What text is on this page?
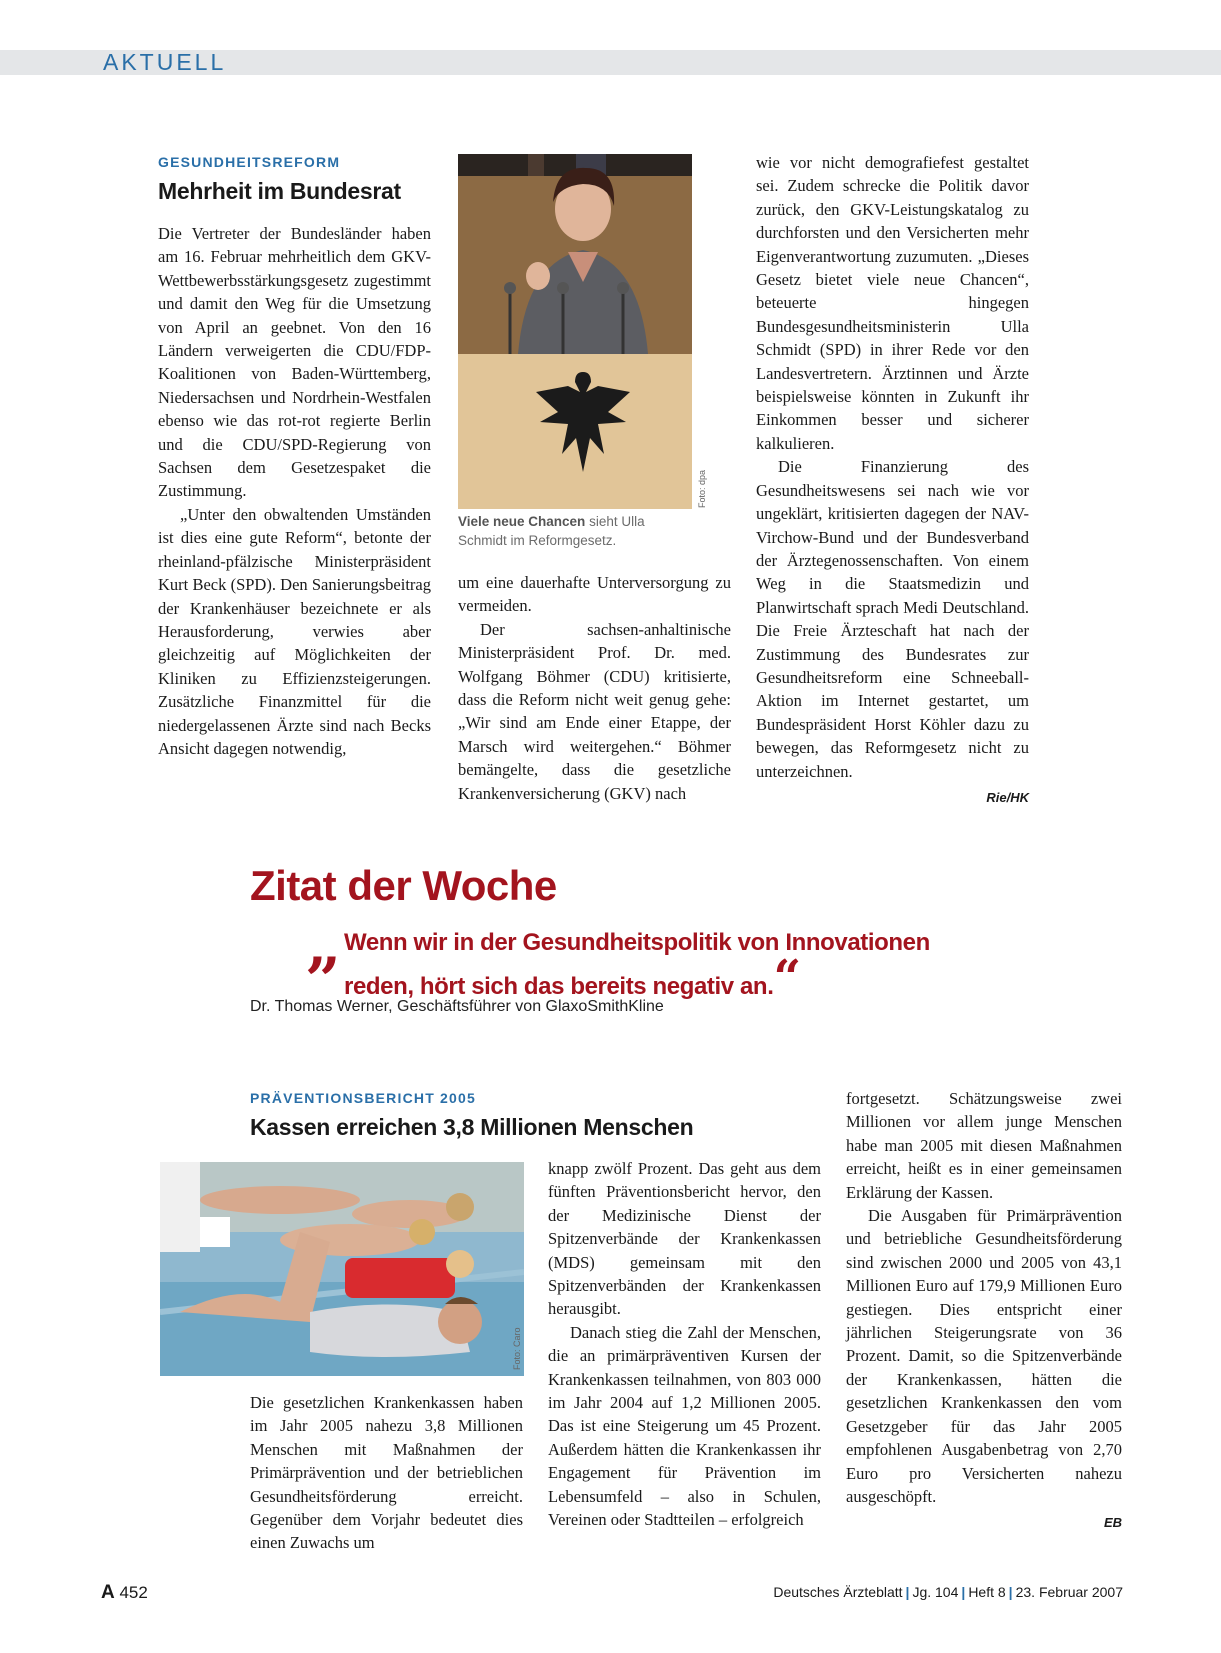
AKTUELL
GESUNDHEITSREFORM
Mehrheit im Bundesrat

Die Vertreter der Bundesländer haben am 16. Februar mehrheitlich dem GKV-Wettbewerbsstärkungsgesetz zugestimmt und damit den Weg für die Umsetzung von April an geebnet. Von den 16 Ländern verweigerten die CDU/FDP-Koalitionen von Baden-Württemberg, Niedersachsen und Nordrhein-Westfalen ebenso wie das rot-rot regierte Berlin und die CDU/SPD-Regierung von Sachsen dem Gesetzespaket die Zustimmung.

„Unter den obwaltenden Umständen ist dies eine gute Reform“, betonte der rheinland-pfälzische Ministerpräsident Kurt Beck (SPD). Den Sanierungsbeitrag der Krankenhäuser bezeichnete er als Herausforderung, verwies aber gleichzeitig auf Möglichkeiten der Kliniken zu Effizienzsteigerungen. Zusätzliche Finanzmittel für die niedergelassenen Ärzte sind nach Becks Ansicht dagegen notwendig,

Foto: dpa
Viele neue Chancen sieht Ulla Schmidt im Reformgesetz.

um eine dauerhafte Unterversorgung zu vermeiden.

Der sachsen-anhaltinische Ministerpräsident Prof. Dr. med. Wolfgang Böhmer (CDU) kritisierte, dass die Reform nicht weit genug gehe: „Wir sind am Ende einer Etappe, der Marsch wird weitergehen.“ Böhmer bemängelte, dass die gesetzliche Krankenversicherung (GKV) nach

wie vor nicht demografiefest gestaltet sei. Zudem schrecke die Politik davor zurück, den GKV-Leistungskatalog zu durchforsten und den Versicherten mehr Eigenverantwortung zuzumuten. „Dieses Gesetz bietet viele neue Chancen“, beteuerte hingegen Bundesgesundheitsministerin Ulla Schmidt (SPD) in ihrer Rede vor den Landesvertretern. Ärztinnen und Ärzte beispielsweise könnten in Zukunft ihr Einkommen besser und sicherer kalkulieren.

Die Finanzierung des Gesundheitswesens sei nach wie vor ungeklärt, kritisierten dagegen der NAV-Virchow-Bund und der Bundesverband der Ärztegenossenschaften. Von einem Weg in die Staatsmedizin und Planwirtschaft sprach Medi Deutschland. Die Freie Ärzteschaft hat nach der Zustimmung des Bundesrates zur Gesundheitsreform eine Schneeball-Aktion im Internet gestartet, um Bundespräsident Horst Köhler dazu zu bewegen, das Reformgesetz nicht zu unterzeichnen.

Rie/HK
Zitat der Woche
„ Wenn wir in der Gesundheitspolitik von Innovationen reden, hört sich das bereits negativ an.“
Dr. Thomas Werner, Geschäftsführer von GlaxoSmithKline
PRÄVENTIONSBERICHT 2005
Kassen erreichen 3,8 Millionen Menschen
Foto: Caro

Die gesetzlichen Krankenkassen haben im Jahr 2005 nahezu 3,8 Millionen Menschen mit Maßnahmen der Primärprävention und der betrieblichen Gesundheitsförderung erreicht. Gegenüber dem Vorjahr bedeutet dies einen Zuwachs um

knapp zwölf Prozent. Das geht aus dem fünften Präventionsbericht hervor, den der Medizinische Dienst der Spitzenverbände der Krankenkassen (MDS) gemeinsam mit den Spitzenverbänden der Krankenkassen herausgibt.

Danach stieg die Zahl der Menschen, die an primärpräventiven Kursen der Krankenkassen teilnahmen, von 803 000 im Jahr 2004 auf 1,2 Millionen 2005. Das ist eine Steigerung um 45 Prozent. Außerdem hätten die Krankenkassen ihr Engagement für Prävention im Lebensumfeld – also in Schulen, Vereinen oder Stadtteilen – erfolgreich

fortgesetzt. Schätzungsweise zwei Millionen vor allem junge Menschen habe man 2005 mit diesen Maßnahmen erreicht, heißt es in einer gemeinsamen Erklärung der Kassen.

Die Ausgaben für Primärprävention und betriebliche Gesundheitsförderung sind zwischen 2000 und 2005 von 43,1 Millionen Euro auf 179,9 Millionen Euro gestiegen. Dies entspricht einer jährlichen Steigerungsrate von 36 Prozent. Damit, so die Spitzenverbände der Krankenkassen, hätten die gesetzlichen Krankenkassen den vom Gesetzgeber für das Jahr 2005 empfohlenen Ausgabenbetrag von 2,70 Euro pro Versicherten nahezu ausgeschöpft.

EB
A 452	Deutsches Ärzteblatt | Jg. 104 | Heft 8 | 23. Februar 2007
